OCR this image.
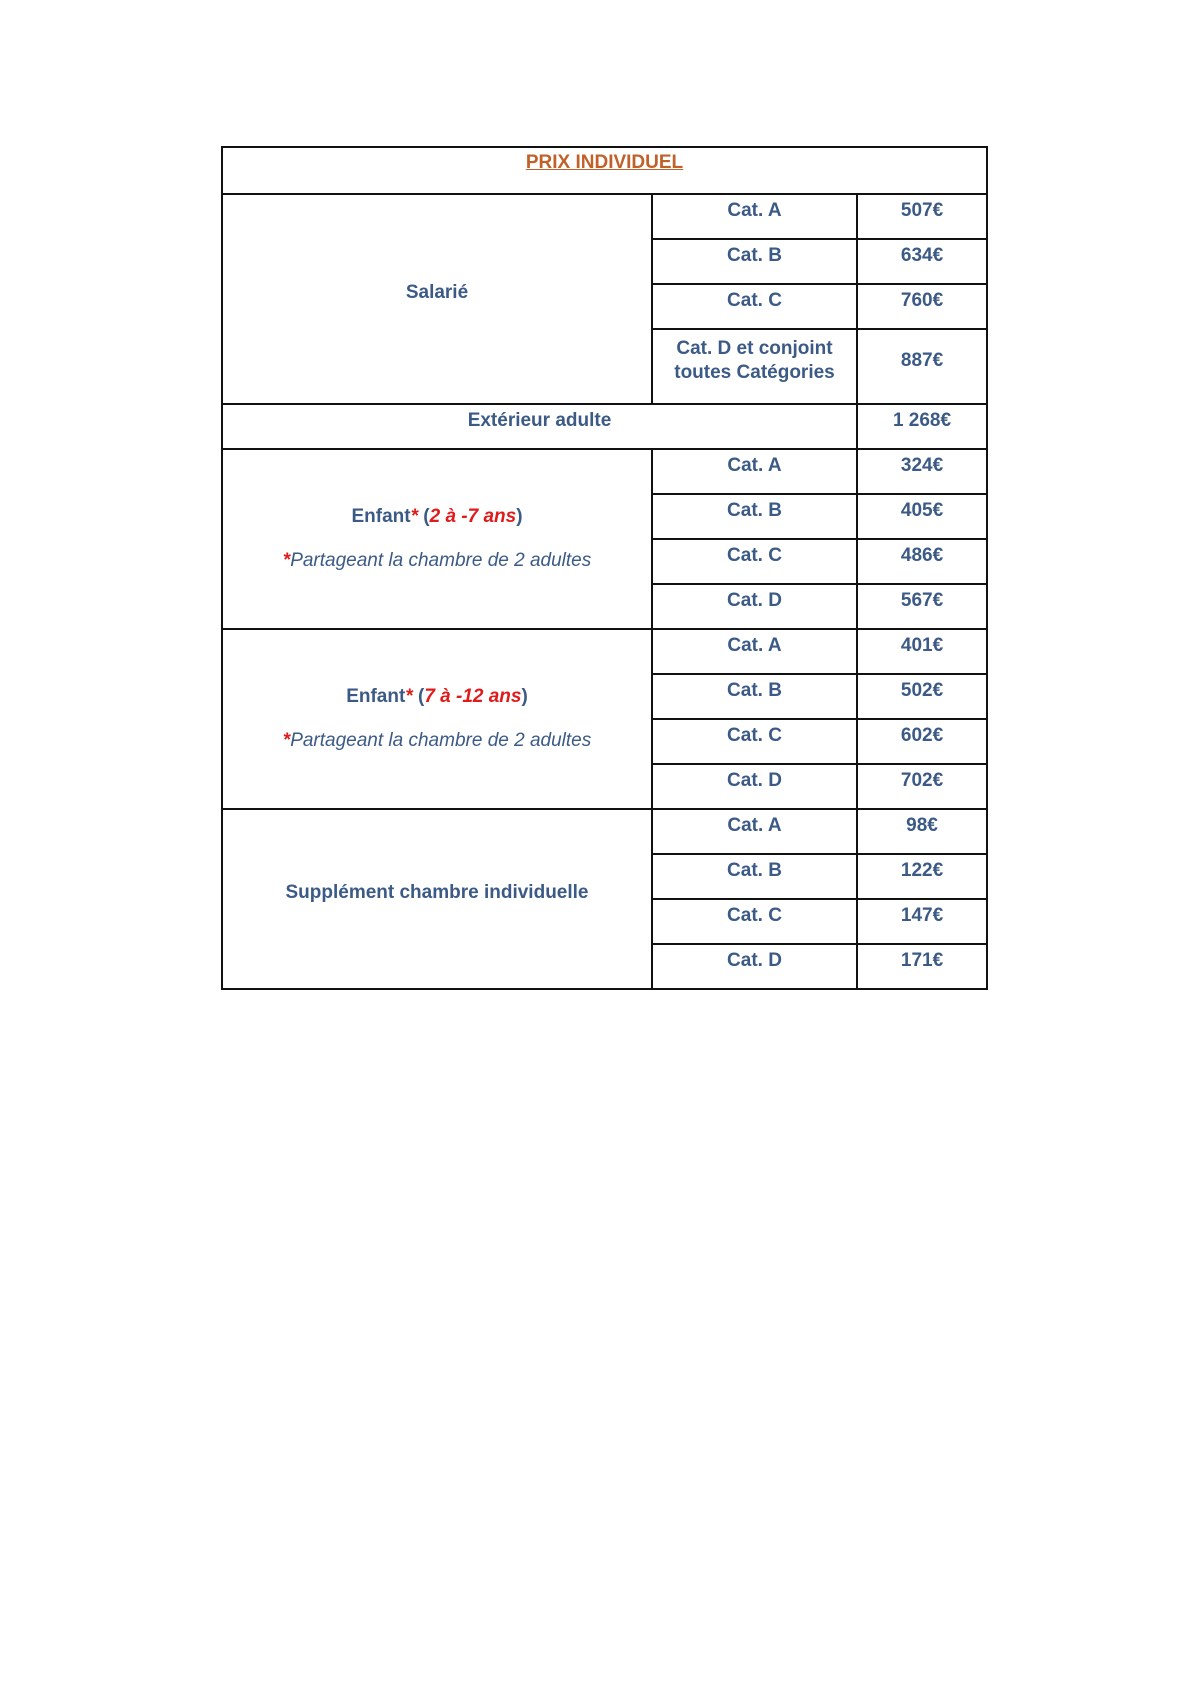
PRIX INDIVIDUEL		
Salarié	Cat. A	507€
	Cat. B	634€
	Cat. C	760€
	Cat. D et conjoint
toutes Catégories	887€
Extérieur adulte		1 268€

Enfant* (2 à -7 ans)
*Partageant la chambre de 2 adultes	Cat. A	324€
	Cat. B	405€
	Cat. C	486€
	Cat. D	567€

Enfant* (7 à -12 ans)
*Partageant la chambre de 2 adultes	Cat. A	401€
	Cat. B	502€
	Cat. C	602€
	Cat. D	702€
Supplément chambre individuelle	Cat. A	98€
	Cat. B	122€
	Cat. C	147€
	Cat. D	171€
